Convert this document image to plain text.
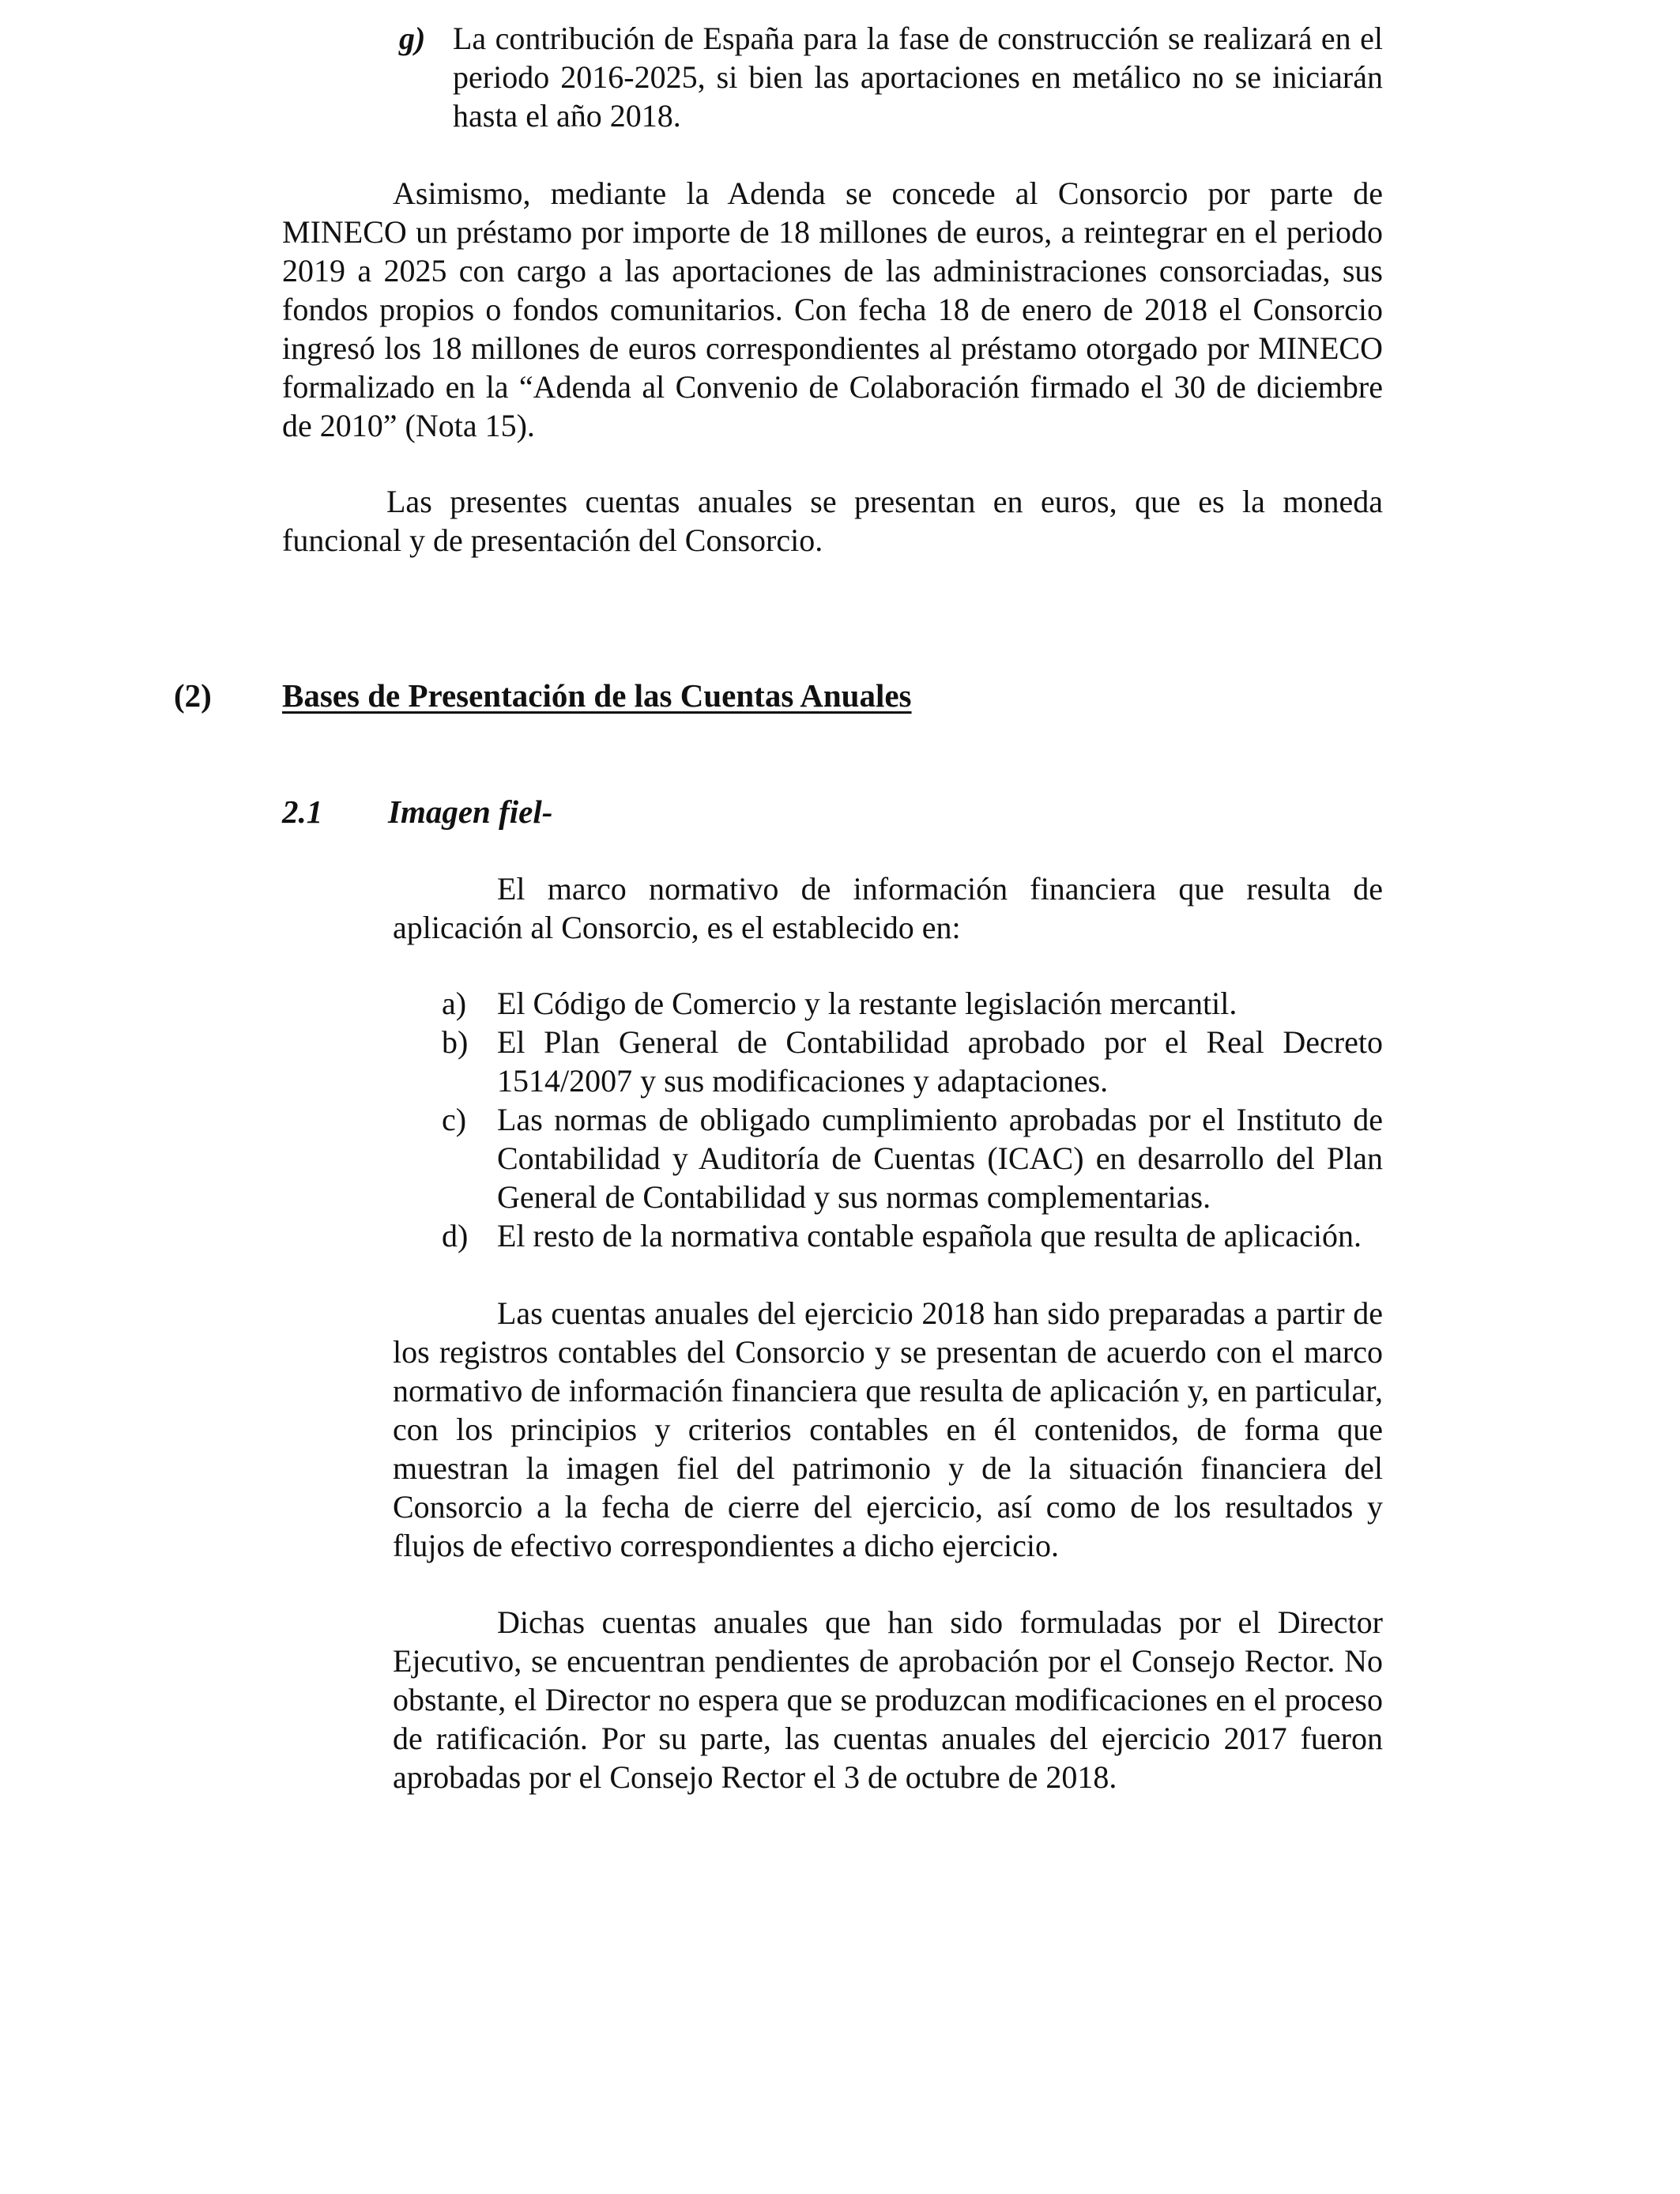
g) La contribución de España para la fase de construcción se realizará en el periodo 2016-2025, si bien las aportaciones en metálico no se iniciarán hasta el año 2018.

Asimismo, mediante la Adenda se concede al Consorcio por parte de MINECO un préstamo por importe de 18 millones de euros, a reintegrar en el periodo 2019 a 2025 con cargo a las aportaciones de las administraciones consorciadas, sus fondos propios o fondos comunitarios. Con fecha 18 de enero de 2018 el Consorcio ingresó los 18 millones de euros correspondientes al préstamo otorgado por MINECO formalizado en la “Adenda al Convenio de Colaboración firmado el 30 de diciembre de 2010” (Nota 15).

Las presentes cuentas anuales se presentan en euros, que es la moneda funcional y de presentación del Consorcio.

(2) Bases de Presentación de las Cuentas Anuales
2.1 Imagen fiel-

El marco normativo de información financiera que resulta de aplicación al Consorcio, es el establecido en:

a) El Código de Comercio y la restante legislación mercantil.
b) El Plan General de Contabilidad aprobado por el Real Decreto 1514/2007 y sus modificaciones y adaptaciones.
c) Las normas de obligado cumplimiento aprobadas por el Instituto de Contabilidad y Auditoría de Cuentas (ICAC) en desarrollo del Plan General de Contabilidad y sus normas complementarias.
d) El resto de la normativa contable española que resulta de aplicación.

Las cuentas anuales del ejercicio 2018 han sido preparadas a partir de los registros contables del Consorcio y se presentan de acuerdo con el marco normativo de información financiera que resulta de aplicación y, en particular, con los principios y criterios contables en él contenidos, de forma que muestran la imagen fiel del patrimonio y de la situación financiera del Consorcio a la fecha de cierre del ejercicio, así como de los resultados y flujos de efectivo correspondientes a dicho ejercicio.

Dichas cuentas anuales que han sido formuladas por el Director Ejecutivo, se encuentran pendientes de aprobación por el Consejo Rector. No obstante, el Director no espera que se produzcan modificaciones en el proceso de ratificación. Por su parte, las cuentas anuales del ejercicio 2017 fueron aprobadas por el Consejo Rector el 3 de octubre de 2018.
